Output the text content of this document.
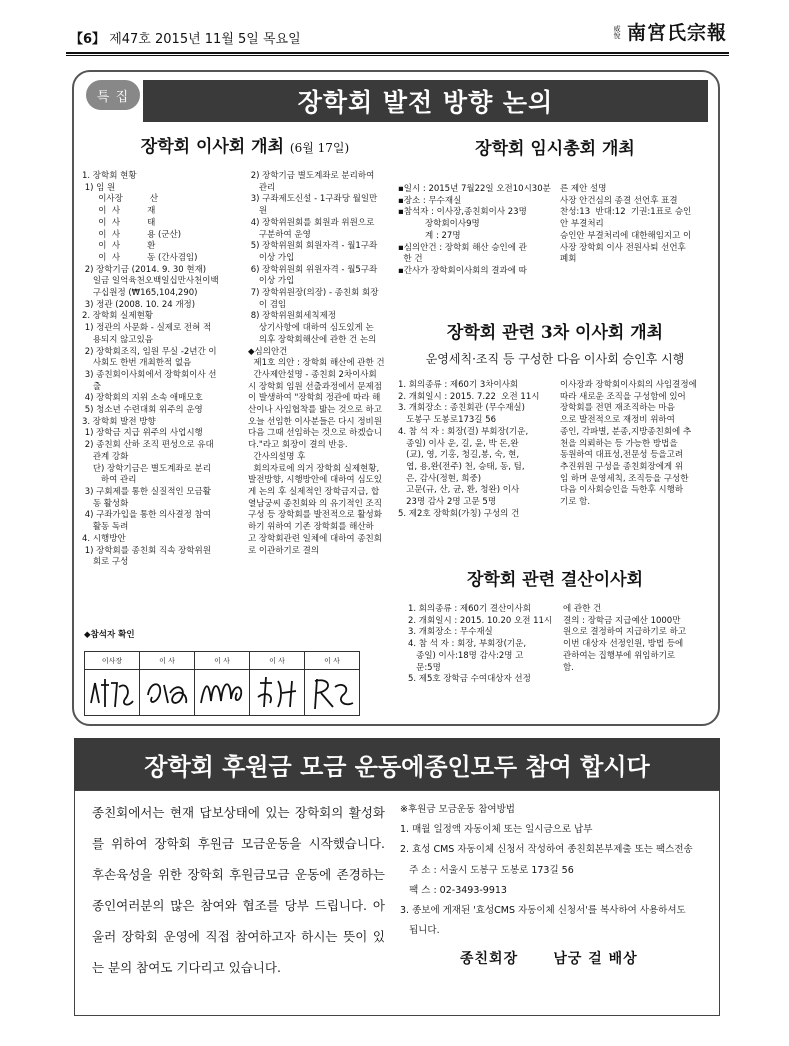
【6】 제47호 2015년 11월 5일 목요일
威悅 南宮氏宗報
특 집	장학회 발전 방향 논의
장학회 이사회 개최 (6월 17일)

1. 장학회 현황

1) 임 원

이사장          산

이  사          재

이  사          태

이  사          용 (군산)

이  사          환

이  사          동 (간사겸임)

2) 장학기금 (2014. 9. 30 현재)

일금 일억육천오백일십만사천이백

구십원정 (₩165,104,290)

3) 정관 (2008. 10. 24 개정)

2. 장학회 실제현황

1) 정관의 사문화 - 실제로 전혀 적

용되지 않고있음

2) 장학회조직, 임원 무실 -2년간 이

사회도 한번 개최한적 없음

3) 종친회이사회에서 장학회이사 선

출

4) 장학회의 지위 소속 애매모호

5) 청소년 수련대회 위주의 운영

3. 장학회 발전 방향

1) 장학금 지급 위주의 사업시행

2) 종친회 산하 조직 편성으로 유대

관계 강화

단) 장학기금은 별도계좌로 분리

하여 관리

3) 구회제를 통한 실질적인 모금활

동 활성화

4) 구좌가입을 통한 의사결정 참여

활동 독려

4. 시행방안

1) 장학회를 종친회 직속 장학위원

회로 구성

2) 장학기금 별도계좌로 분리하여

관리

3) 구좌제도신설 - 1구좌당 월일만

원

4) 장학위원회를 회원과 위원으로

구분하여 운영

5) 장학위원회 회원자격 - 월1구좌

이상 가입

6) 장학위원회 위원자격 - 월5구좌

이상 가입

7) 장학위원장(의장) - 종친회 회장

이 겸임

8) 장학위원회세칙제정

상기사항에 대하여 심도있게 논

의후 장학회해산에 관한 건 논의

◆심의안건

제1호 의안 : 장학회 해산에 관한 건

간사제안설명 - 종친회 2차이사회

시 장학회 임원 선출과정에서 문제점

이 발생하여 "장학회 정관에 따라 해

산이나 사임협착를 밟는 것으로 하고

오늘 선임한 이사분들은 다시 정비원

다음 그때 선임하는 것으로 하겠습니

다."라고 회장이 결의 반응.

간사의설명 후

회의자료에 의거 장학회 실제현황,

발전방향, 시행방안에 대하여 심도있

게 논의 후 실제적인 장학금지급, 합

열남궁씨 종친회와 의 유기적인 조직

구성 등 장학회를 발전적으로 활성화

하기 위하여 기존 장학회를 해산하

고 장학회관련 일체에 대하여 종친회

로 이관하기로 결의

◆참석자 확인
이사장	이 사	이 사	이 사	이 사

장학회 임시총회 개최

▪일시 : 2015년 7월22일 오전10시30분

▪장소 : 무수재실

▪참석자 : 이사장,종친회이사 23명

장학회이사9명

계 : 27명

▪심의안건 : 장학회 해산 승인에 관

한 건

▪간사가 장학회이사회의 결과에 따

른 제안 설명

사장 안건심의 종결 선언후 표결

찬성:13  반대:12  기권:1표로 승인

안 부결처리

승인안 부결처리에 대한해임지고 이

사장 장학회 이사 전원사퇴 선언후

폐회

장학회 관련 3차 이사회 개최
운영세칙·조직 등 구성한 다음 이사회 승인후 시행

1. 회의종류 : 제60기 3차이사회

2. 개회일시 : 2015. 7.22  오전 11시

3. 개회장소 : 종친회관 (무수재실)

도봉구 도봉로173길 56

4. 참 석 자 : 회장(걸) 부회장(기운,

종일) 이사 운, 길, 윤, 박 돈,완

(교), 영, 기홍, 청길,봉, 숙, 현,

엽, 용,완(전주) 천, 승태, 동, 팀,

은, 감사(정현, 희중)

고문(규, 산, 균, 환, 청완) 이사

23명 감사 2명 고문 5명

5. 제2호 장학회(가칭) 구성의 건

이사장과 장학회이사회의 사임결정에

따라 새로운 조직을 구성함에 있어

장학회를 전면 재조직하는 마음

으로 발전적으로 재정비 위하여

종인, 각파별, 분종,지방종친회에 추

천을 의뢰하는 등 가능한 방법을

동원하여 대표성,전문성 등을고려

추진위원 구성을 종친회장에게 위

임 하며 운영세칙, 조직등을 구성한

다음 이사회승인을 득한후 시행하

기로 함.

장학회 관련 결산이사회

1. 회의종류 : 제60기 결산이사회

2. 개회일시 : 2015. 10.20 오전 11시

3. 개회장소 : 무수재실

4. 참 석 자 : 회장, 부회장(기운,

종일) 이사:18명 감사:2명 고

문:5명

5. 제5호 장학금 수여대상자 선정

에 관한 건

결의 : 장학금 지급예산 1000만

원으로 결정하여 지급하기로 하고

이번 대상자 선정인원, 방법 등에

관하여는 집행부에 위임하기로

함.

장학회 후원금 모금 운동에종인모두 참여 합시다
종친회에서는 현재 답보상태에 있는 장학회의 활성화를 위하여 장학회 후원금 모금운동을 시작했습니다. 후손육성을 위한 장학회 후원금모금 운동에 존경하는 종인여러분의 많은 참여와 협조를 당부 드립니다. 아울러 장학회 운영에 직접 참여하고자 하시는 뜻이 있는 분의 참여도 기다리고 있습니다.

※후원금 모금운동 참여방법

1. 매월 일정액 자동이체 또는 일시금으로 납부

2. 효성 CMS 자동이체 신청서 작성하여 종친회본부제출 또는 팩스전송

주 소 : 서울시 도봉구 도봉로 173길 56

팩 스 : 02-3493-9913

3. 종보에 게재된 '효성CMS 자동이체 신청서'를 복사하여 사용하셔도

됩니다.

종친회장      남궁 걸 배상
